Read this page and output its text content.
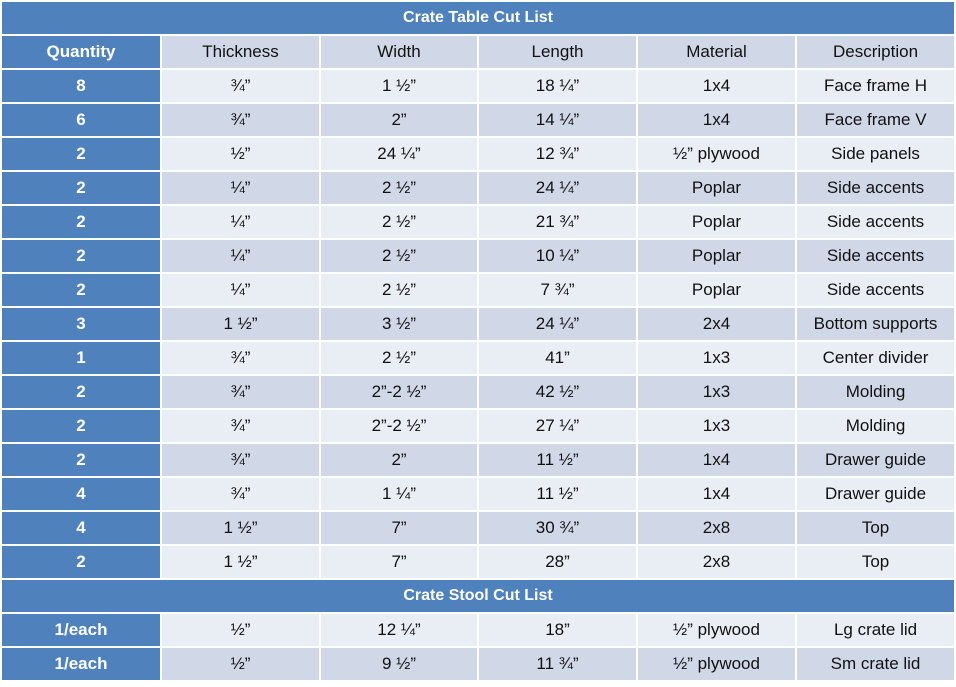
Crate Table Cut List					
Quantity	Thickness	Width	Length	Material	Description
8	¾”	1 ½”	18 ¼”	1x4	Face frame H
6	¾”	2”	14 ¼”	1x4	Face frame V
2	½”	24 ¼”	12 ¾”	½” plywood	Side panels
2	¼”	2 ½”	24 ¼”	Poplar	Side accents
2	¼”	2 ½”	21 ¾”	Poplar	Side accents
2	¼”	2 ½”	10 ¼”	Poplar	Side accents
2	¼”	2 ½”	7 ¾”	Poplar	Side accents
3	1 ½”	3 ½”	24 ¼”	2x4	Bottom supports
1	¾”	2 ½”	41”	1x3	Center divider
2	¾”	2”-2 ½”	42 ½”	1x3	Molding
2	¾”	2”-2 ½”	27 ¼”	1x3	Molding
2	¾”	2”	11 ½”	1x4	Drawer guide
4	¾”	1 ¼”	11 ½”	1x4	Drawer guide
4	1 ½”	7”	30 ¾”	2x8	Top
2	1 ½”	7”	28”	2x8	Top
Crate Stool Cut List					
1/each	½”	12 ¼”	18”	½” plywood	Lg crate lid
1/each	½”	9 ½”	11 ¾”	½” plywood	Sm crate lid
